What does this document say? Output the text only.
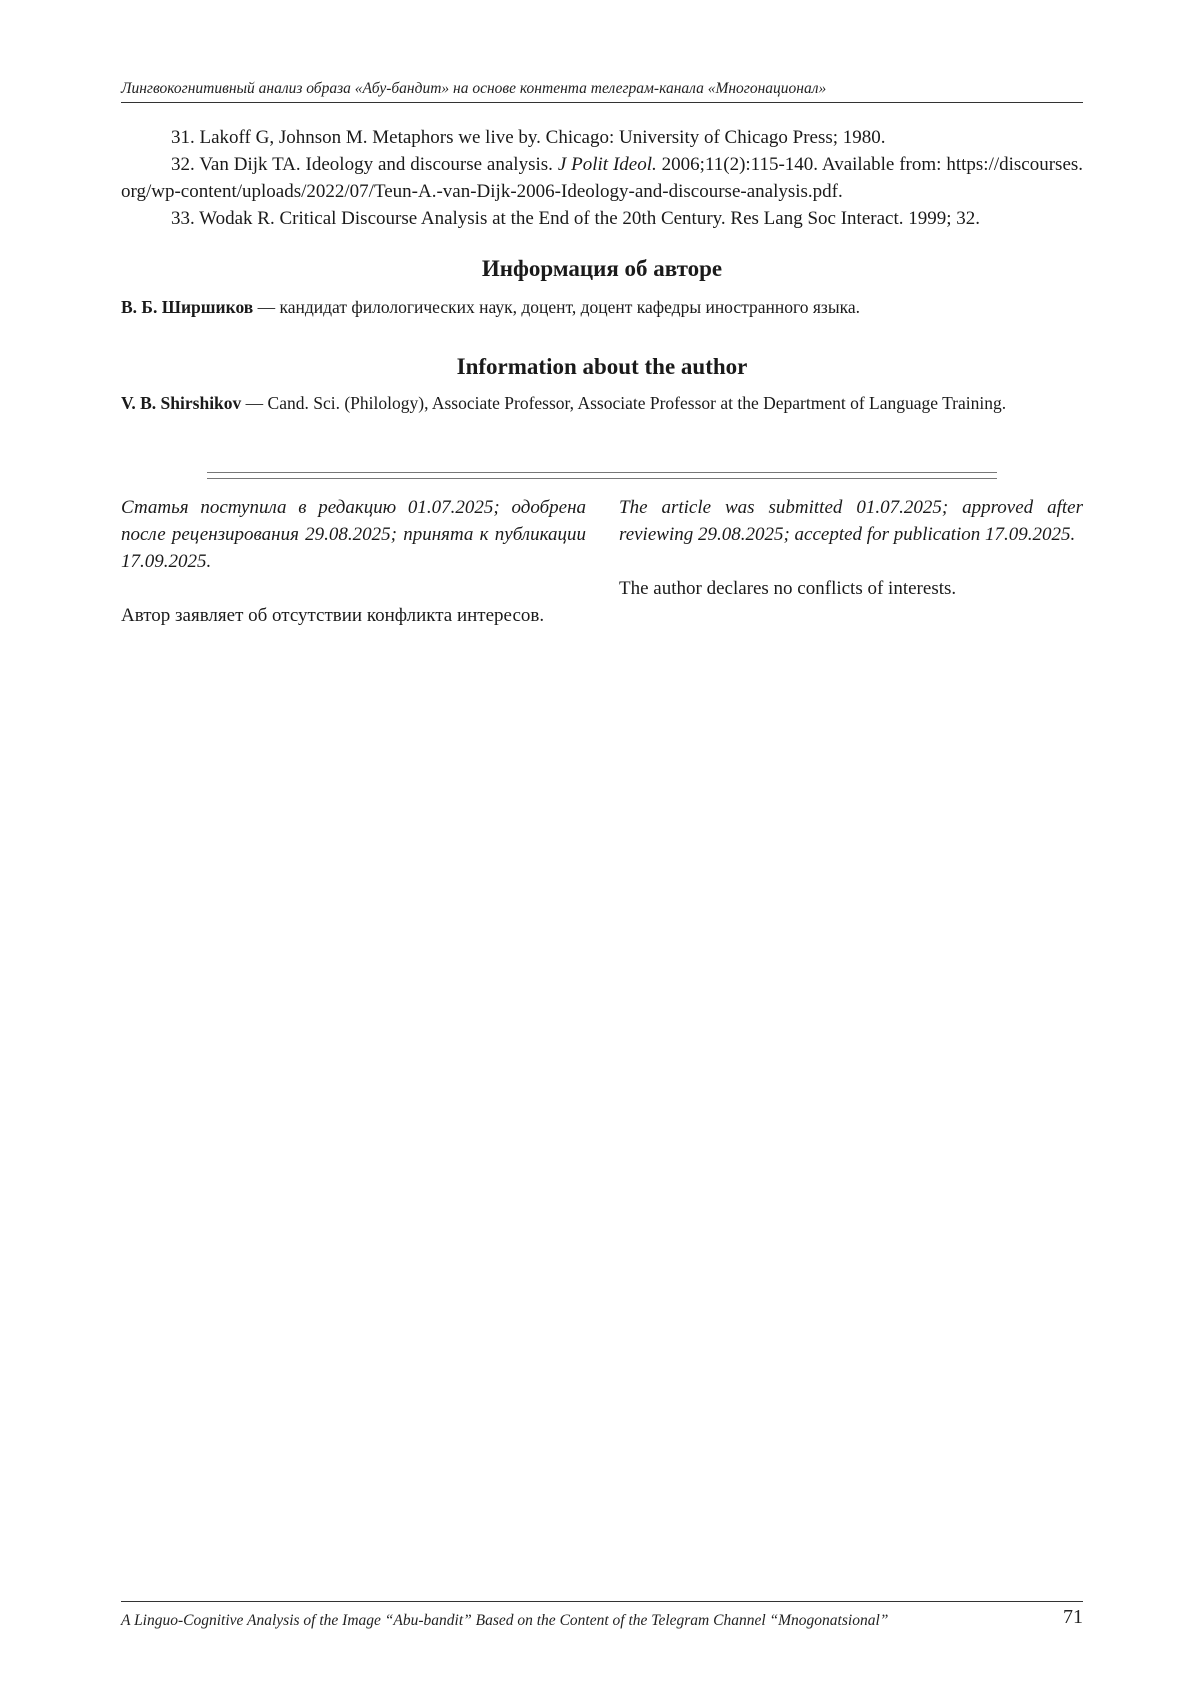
Лингвокогнитивный анализ образа «Абу-бандит» на основе контента телеграм-канала «Многонационал»

31. Lakoff G, Johnson M. Metaphors we live by. Chicago: University of Chicago Press; 1980.

32. Van Dijk TA. Ideology and discourse analysis. J Polit Ideol. 2006;11(2):115-140. Available from: https://discourses.org/wp-content/uploads/2022/07/Teun-A.-van-Dijk-2006-Ideology-and-discourse-analysis.pdf.

33. Wodak R. Critical Discourse Analysis at the End of the 20th Century. Res Lang Soc Interact. 1999; 32.

Информация об авторе
В. Б. Ширшиков — кандидат филологических наук, доцент, доцент кафедры иностранного языка.
Information about the author
V. B. Shirshikov — Cand. Sci. (Philology), Associate Professor, Associate Professor at the Department of Language Training.

Статья поступила в редакцию 01.07.2025; одобрена после рецензирования 29.08.2025; принята к публикации 17.09.2025.

Автор заявляет об отсутствии конфликта интересов.

The article was submitted 01.07.2025; approved after reviewing 29.08.2025; accepted for publication 17.09.2025.

The author declares no conflicts of interests.

A Linguo-Cognitive Analysis of the Image “Abu-bandit” Based on the Content of the Telegram Channel “Mnogonatsional”	71
